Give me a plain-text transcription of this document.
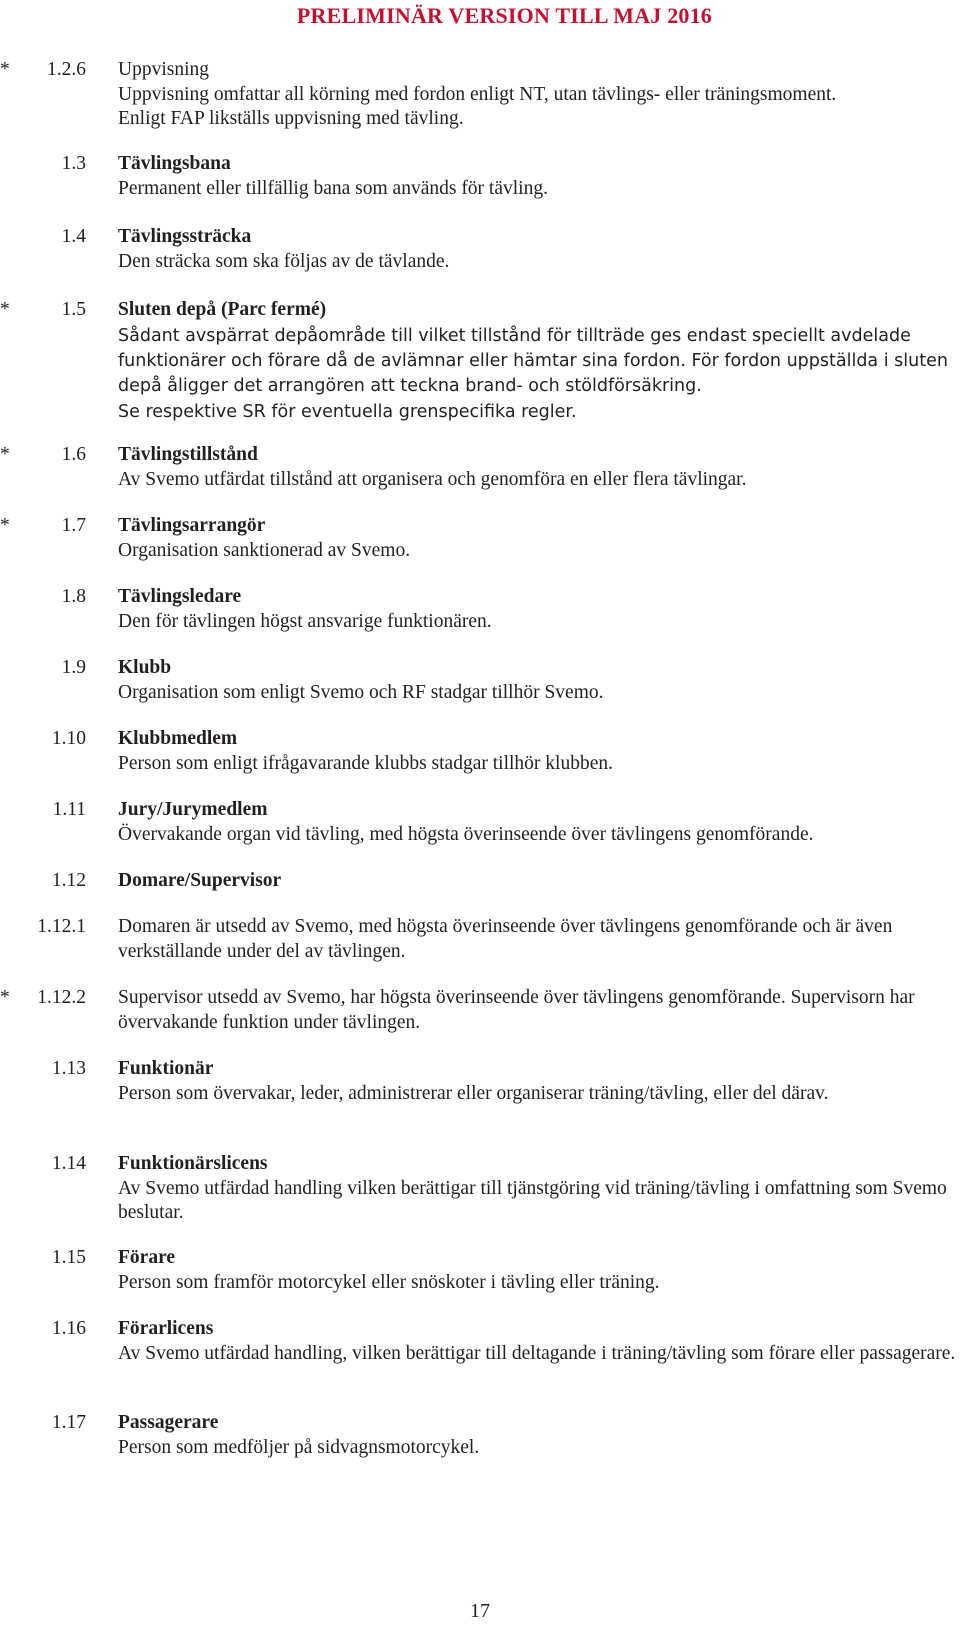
PRELIMINÄR VERSION TILL MAJ 2016
*	1.2.6 Uppvisning
Uppvisning omfattar all körning med fordon enligt NT, utan tävlings- eller träningsmoment. Enligt FAP likställs uppvisning med tävling.
1.3 Tävlingsbana
Permanent eller tillfällig bana som används för tävling.
1.4 Tävlingssträcka
Den sträcka som ska följas av de tävlande.
*	1.5 Sluten depå (Parc fermé)
Sådant avspärrat depåområde till vilket tillstånd för tillträde ges endast speciellt avdelade funktionärer och förare då de avlämnar eller hämtar sina fordon. För fordon uppställda i sluten depå åligger det arrangören att teckna brand- och stöldförsäkring.
Se respektive SR för eventuella grenspecifika regler.
*	1.6 Tävlingstillstånd
Av Svemo utfärdat tillstånd att organisera och genomföra en eller flera tävlingar.
*	1.7 Tävlingsarrangör
Organisation sanktionerad av Svemo.
1.8 Tävlingsledare
Den för tävlingen högst ansvarige funktionären.
1.9 Klubb
Organisation som enligt Svemo och RF stadgar tillhör Svemo.
1.10 Klubbmedlem
Person som enligt ifrågavarande klubbs stadgar tillhör klubben.
1.11 Jury/Jurymedlem
Övervakande organ vid tävling, med högsta överinseende över tävlingens genomförande.
1.12 Domare/Supervisor
1.12.1 Domaren är utsedd av Svemo, med högsta överinseende över tävlingens genomförande och är även verkställande under del av tävlingen.
*	1.12.2 Supervisor utsedd av Svemo, har högsta överinseende över tävlingens genomförande. Supervisorn har övervakande funktion under tävlingen.
1.13 Funktionär
Person som övervakar, leder, administrerar eller organiserar träning/tävling, eller del därav.
1.14 Funktionärslicens
Av Svemo utfärdad handling vilken berättigar till tjänstgöring vid träning/tävling i omfattning som Svemo beslutar.
1.15 Förare
Person som framför motorcykel eller snöskoter i tävling eller träning.
1.16 Förarlicens
Av Svemo utfärdad handling, vilken berättigar till deltagande i träning/tävling som förare eller passagerare.
1.17 Passagerare
Person som medföljer på sidvagnsmotorcykel.
17
